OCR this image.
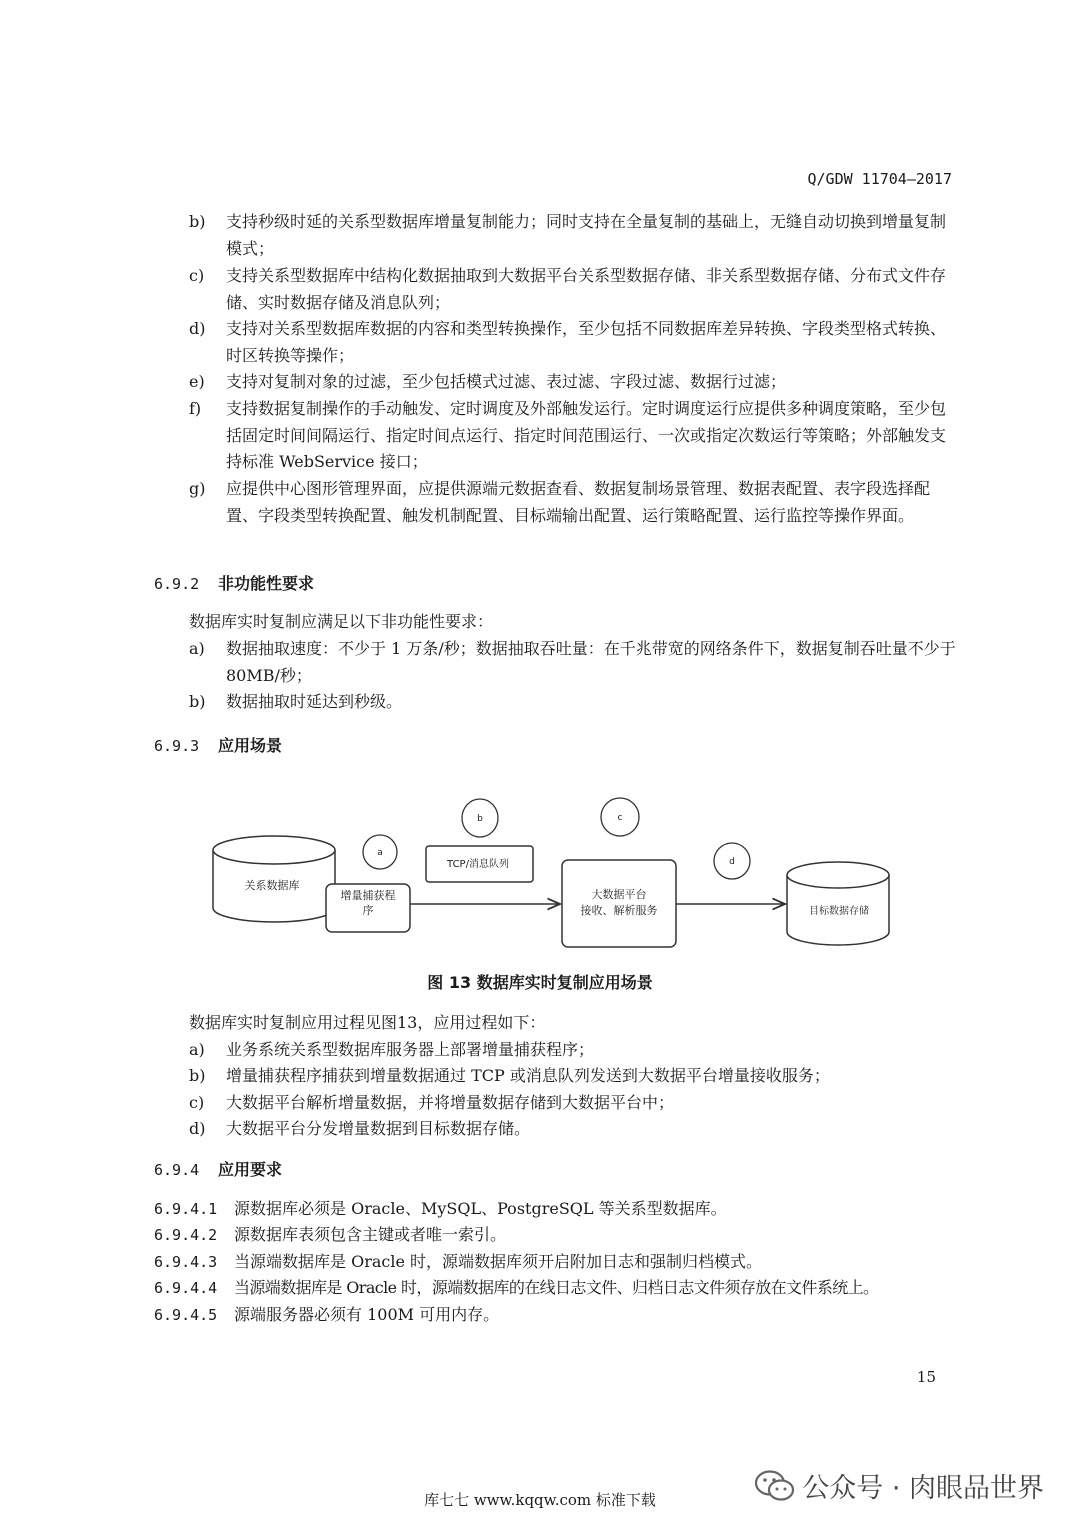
Q/GDW 11704—2017
b)	支持秒级时延的关系型数据库增量复制能力；同时支持在全量复制的基础上，无缝自动切换到增量复制模式；
c)	支持关系型数据库中结构化数据抽取到大数据平台关系型数据存储、非关系型数据存储、分布式文件存储、实时数据存储及消息队列；
d)	支持对关系型数据库数据的内容和类型转换操作，至少包括不同数据库差异转换、字段类型格式转换、时区转换等操作；
e)	支持对复制对象的过滤，至少包括模式过滤、表过滤、字段过滤、数据行过滤；
f)	支持数据复制操作的手动触发、定时调度及外部触发运行。定时调度运行应提供多种调度策略，至少包括固定时间间隔运行、指定时间点运行、指定时间范围运行、一次或指定次数运行等策略；外部触发支持标准 WebService 接口；
g)	应提供中心图形管理界面，应提供源端元数据查看、数据复制场景管理、数据表配置、表字段选择配置、字段类型转换配置、触发机制配置、目标端输出配置、运行策略配置、运行监控等操作界面。
6.9.2 非功能性要求
数据库实时复制应满足以下非功能性要求：
a)	数据抽取速度：不少于 1 万条/秒；数据抽取吞吐量：在千兆带宽的网络条件下，数据复制吞吐量不少于 80MB/秒；
b)	数据抽取时延达到秒级。
6.9.3 应用场景
关系数据库
a
增量捕获程
序
b
TCP/消息队列
c
大数据平台
接收、解析服务
d
目标数据存储
图 13 数据库实时复制应用场景
数据库实时复制应用过程见图13，应用过程如下：
a)	业务系统关系型数据库服务器上部署增量捕获程序；
b)	增量捕获程序捕获到增量数据通过 TCP 或消息队列发送到大数据平台增量接收服务；
c)	大数据平台解析增量数据，并将增量数据存储到大数据平台中；
d)	大数据平台分发增量数据到目标数据存储。
6.9.4 应用要求
6.9.4.1 源数据库必须是 Oracle、MySQL、PostgreSQL 等关系型数据库。
6.9.4.2 源数据库表须包含主键或者唯一索引。
6.9.4.3 当源端数据库是 Oracle 时，源端数据库须开启附加日志和强制归档模式。
6.9.4.4 当源端数据库是 Oracle 时，源端数据库的在线日志文件、归档日志文件须存放在文件系统上。
6.9.4.5 源端服务器必须有 100M 可用内存。
15
公众号 · 肉眼品世界
库七七 www.kqqw.com 标准下载
